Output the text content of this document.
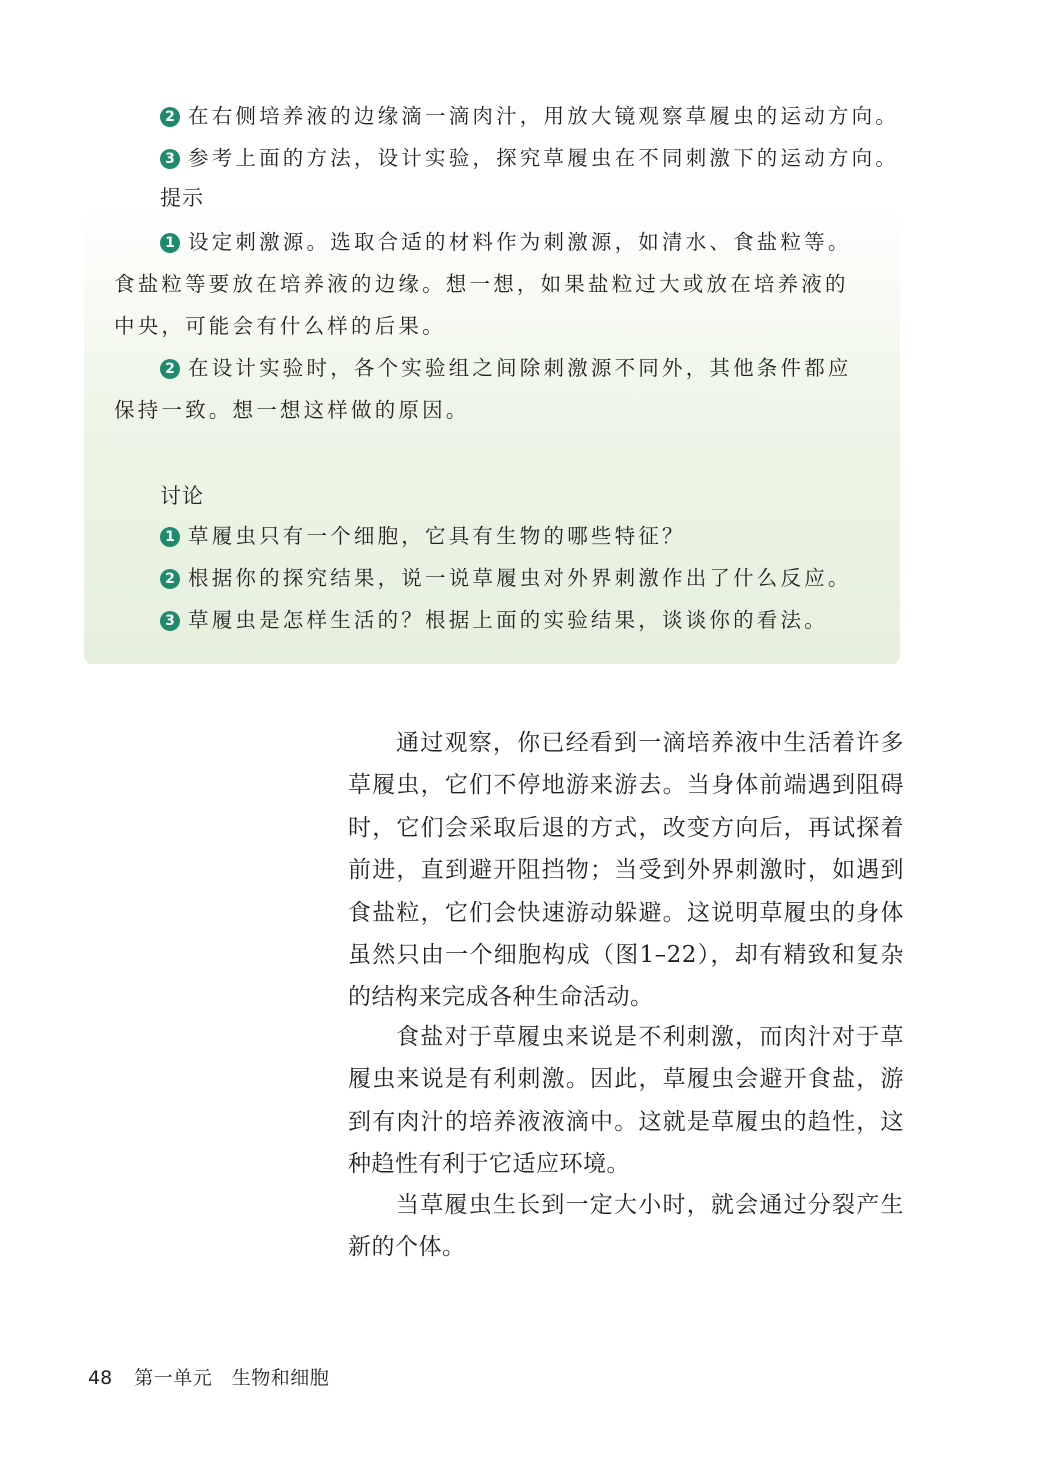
2 在右侧培养液的边缘滴一滴肉汁，用放大镜观察草履虫的运动方向。
3 参考上面的方法，设计实验，探究草履虫在不同刺激下的运动方向。
提示
1 设定刺激源。选取合适的材料作为刺激源，如清水、食盐粒等。
食盐粒等要放在培养液的边缘。想一想，如果盐粒过大或放在培养液的
中央，可能会有什么样的后果。
2 在设计实验时，各个实验组之间除刺激源不同外，其他条件都应
保持一致。想一想这样做的原因。
讨论
1 草履虫只有一个细胞，它具有生物的哪些特征？
2 根据你的探究结果，说一说草履虫对外界刺激作出了什么反应。
3 草履虫是怎样生活的？根据上面的实验结果，谈谈你的看法。

通过观察，你已经看到一滴培养液中生活着许多草履虫，它们不停地游来游去。当身体前端遇到阻碍时，它们会采取后退的方式，改变方向后，再试探着前进，直到避开阻挡物；当受到外界刺激时，如遇到食盐粒，它们会快速游动躲避。这说明草履虫的身体虽然只由一个细胞构成（图1–22），却有精致和复杂的结构来完成各种生命活动。

食盐对于草履虫来说是不利刺激，而肉汁对于草履虫来说是有利刺激。因此，草履虫会避开食盐，游到有肉汁的培养液液滴中。这就是草履虫的趋性，这种趋性有利于它适应环境。

当草履虫生长到一定大小时，就会通过分裂产生新的个体。

48 第一单元　生物和细胞
